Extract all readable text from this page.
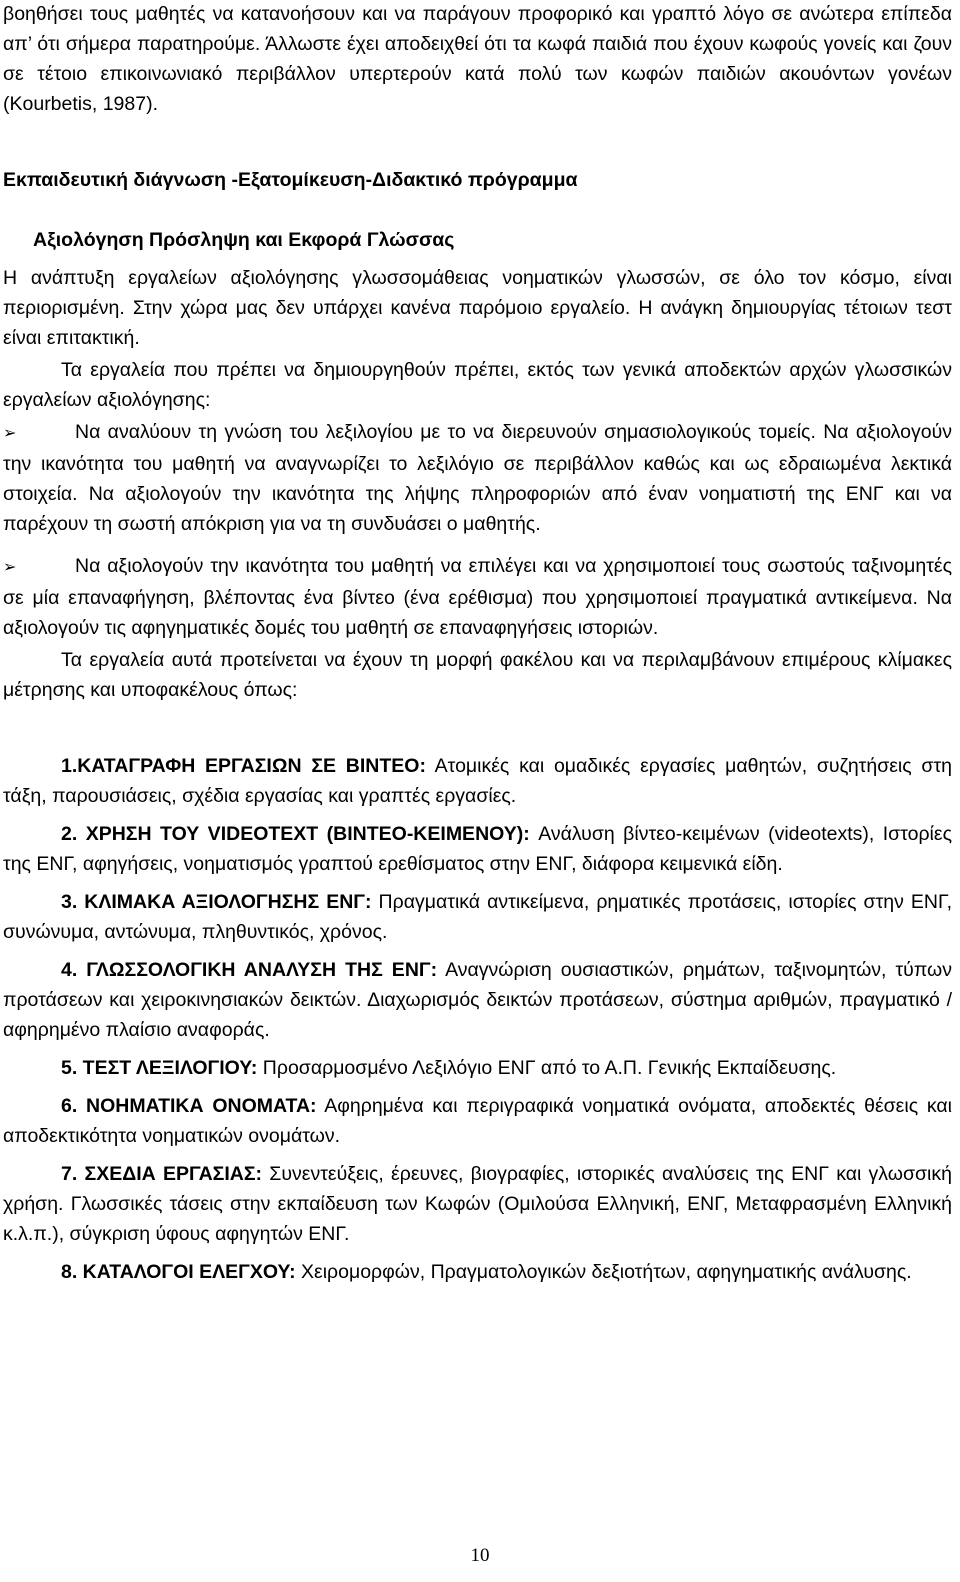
βοηθήσει τους μαθητές να κατανοήσουν και να παράγουν προφορικό και γραπτό λόγο σε ανώτερα επίπεδα απ’ ότι σήμερα παρατηρούμε. Άλλωστε έχει αποδειχθεί ότι τα κωφά παιδιά που έχουν κωφούς γονείς και ζουν σε τέτοιο επικοινωνιακό περιβάλλον υπερτερούν κατά πολύ των κωφών παιδιών ακουόντων γονέων (Kourbetis, 1987).

Εκπαιδευτική διάγνωση -Εξατομίκευση-Διδακτικό πρόγραμμα

Αξιολόγηση Πρόσληψη και Εκφορά Γλώσσας

Η ανάπτυξη εργαλείων αξιολόγησης γλωσσομάθειας νοηματικών γλωσσών, σε όλο τον κόσμο, είναι περιορισμένη. Στην χώρα μας δεν υπάρχει κανένα παρόμοιο εργαλείο. Η ανάγκη δημιουργίας τέτοιων τεστ είναι επιτακτική.

Τα εργαλεία που πρέπει να δημιουργηθούν πρέπει, εκτός των γενικά αποδεκτών αρχών γλωσσικών εργαλείων αξιολόγησης:

➢	Να αναλύουν τη γνώση του λεξιλογίου με το να διερευνούν σημασιολογικούς τομείς. Να αξιολογούν την ικανότητα του μαθητή να αναγνωρίζει το λεξιλόγιο σε περιβάλλον καθώς και ως εδραιωμένα λεκτικά στοιχεία. Να αξιολογούν την ικανότητα της λήψης πληροφοριών από έναν νοηματιστή της ΕΝΓ και να παρέχουν τη σωστή απόκριση για να τη συνδυάσει ο μαθητής.

➢	Να αξιολογούν την ικανότητα του μαθητή να επιλέγει και να χρησιμοποιεί τους σωστούς ταξινομητές σε μία επαναφήγηση, βλέποντας ένα βίντεο (ένα ερέθισμα) που χρησιμοποιεί πραγματικά αντικείμενα. Να αξιολογούν τις αφηγηματικές δομές του μαθητή σε επαναφηγήσεις ιστοριών.

Τα εργαλεία αυτά προτείνεται να έχουν τη μορφή φακέλου και να περιλαμβάνουν επιμέρους κλίμακες μέτρησης και υποφακέλους όπως:

1.ΚΑΤΑΓΡΑΦΗ ΕΡΓΑΣΙΩΝ ΣΕ ΒΙΝΤΕΟ: Ατομικές και ομαδικές εργασίες μαθητών, συζητήσεις στη τάξη, παρουσιάσεις, σχέδια εργασίας και γραπτές εργασίες.

2. ΧΡΗΣΗ ΤΟΥ VIDEOTEXT (ΒΙΝΤΕΟ-ΚΕΙΜΕΝΟΥ): Ανάλυση βίντεο-κειμένων (videotexts), Ιστορίες της ΕΝΓ, αφηγήσεις, νοηματισμός γραπτού ερεθίσματος στην ΕΝΓ, διάφορα κειμενικά είδη.

3. ΚΛΙΜΑΚΑ ΑΞΙΟΛΟΓΗΣΗΣ ΕΝΓ: Πραγματικά αντικείμενα, ρηματικές προτάσεις, ιστορίες στην ΕΝΓ, συνώνυμα, αντώνυμα, πληθυντικός, χρόνος.

4. ΓΛΩΣΣΟΛΟΓΙΚΗ ΑΝΑΛΥΣΗ ΤΗΣ ΕΝΓ: Αναγνώριση ουσιαστικών, ρημάτων, ταξινομητών, τύπων προτάσεων και χειροκινησιακών δεικτών. Διαχωρισμός δεικτών προτάσεων, σύστημα αριθμών, πραγματικό /αφηρημένο πλαίσιο αναφοράς.

5. ΤΕΣΤ ΛΕΞΙΛΟΓΙΟΥ: Προσαρμοσμένο Λεξιλόγιο ΕΝΓ από το Α.Π. Γενικής Εκπαίδευσης.

6. ΝΟΗΜΑΤΙΚΑ ΟΝΟΜΑΤΑ: Αφηρημένα και περιγραφικά νοηματικά ονόματα, αποδεκτές θέσεις και αποδεκτικότητα νοηματικών ονομάτων.

7. ΣΧΕΔΙΑ ΕΡΓΑΣΙΑΣ: Συνεντεύξεις, έρευνες, βιογραφίες, ιστορικές αναλύσεις της ΕΝΓ και γλωσσική χρήση. Γλωσσικές τάσεις στην εκπαίδευση των Κωφών (Ομιλούσα Ελληνική, ΕΝΓ, Μεταφρασμένη Ελληνική κ.λ.π.), σύγκριση ύφους αφηγητών ΕΝΓ.

8. ΚΑΤΑΛΟΓΟΙ ΕΛΕΓΧΟΥ: Χειρομορφών, Πραγματολογικών δεξιοτήτων, αφηγηματικής ανάλυσης.

10
